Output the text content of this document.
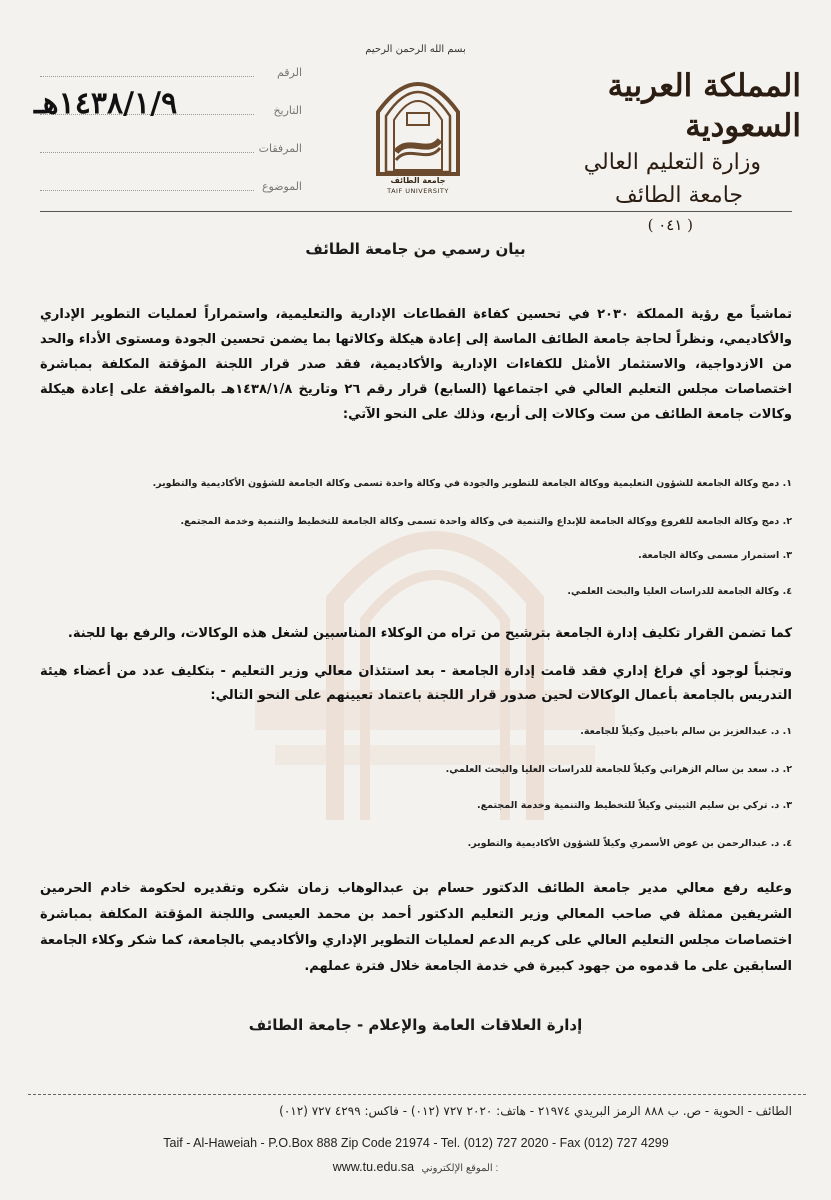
بسم الله الرحمن الرحيم
جامعة الطائف
TAIF UNIVERSITY
الرقم
التاريخ
المرفقات
الموضوع
١٤٣٨/١/٩هـ	المملكة العربية السعودية
وزارة التعليم العالي
جامعة الطائف
( ٠٤١ )
بيان رسمي من جامعة الطائف
تماشياً مع رؤية المملكة ٢٠٣٠ في تحسين كفاءة القطاعات الإدارية والتعليمية، واستمراراً لعمليات التطوير الإداري والأكاديمي، ونظراً لحاجة جامعة الطائف الماسة إلى إعادة هيكلة وكالاتها بما يضمن تحسين الجودة ومستوى الأداء والحد من الازدواجية، والاستثمار الأمثل للكفاءات الإدارية والأكاديمية، فقد صدر قرار اللجنة المؤقتة المكلفة بمباشرة اختصاصات مجلس التعليم العالي في اجتماعها (السابع) قرار رقم ٢٦ وتاريخ ١٤٣٨/١/٨هـ بالموافقة على إعادة هيكلة وكالات جامعة الطائف من ست وكالات إلى أربع، وذلك على النحو الآتي:
١. دمج وكالة الجامعة للشؤون التعليمية ووكالة الجامعة للتطوير والجودة في وكالة واحدة تسمى وكالة الجامعة للشؤون الأكاديمية والتطوير.
٢. دمج وكالة الجامعة للفروع ووكالة الجامعة للإبداع والتنمية في وكالة واحدة تسمى وكالة الجامعة للتخطيط والتنمية وخدمة المجتمع.
٣. استمرار مسمى وكالة الجامعة.
٤. وكالة الجامعة للدراسات العليا والبحث العلمي.
كما تضمن القرار تكليف إدارة الجامعة بترشيح من تراه من الوكلاء المناسبين لشغل هذه الوكالات، والرفع بها للجنة.
وتجنباً لوجود أي فراغ إداري فقد قامت إدارة الجامعة - بعد استئذان معالي وزير التعليم - بتكليف عدد من أعضاء هيئة التدريس بالجامعة بأعمال الوكالات لحين صدور قرار اللجنة باعتماد تعيينهم على النحو التالي:
١. د. عبدالعزيز بن سالم باحبيل وكيلاً للجامعة.
٢. د. سعد بن سالم الزهراني وكيلاً للجامعة للدراسات العليا والبحث العلمي.
٣. د. تركي بن سليم الثبيتي وكيلاً للتخطيط والتنمية وخدمة المجتمع.
٤. د. عبدالرحمن بن عوض الأسمري وكيلاً للشؤون الأكاديمية والتطوير.
وعليه رفع معالي مدير جامعة الطائف الدكتور حسام بن عبدالوهاب زمان شكره وتقديره لحكومة خادم الحرمين الشريفين ممثلة في صاحب المعالي وزير التعليم الدكتور أحمد بن محمد العيسى واللجنة المؤقتة المكلفة بمباشرة اختصاصات مجلس التعليم العالي على كريم الدعم لعمليات التطوير الإداري والأكاديمي بالجامعة، كما شكر وكلاء الجامعة السابقين على ما قدموه من جهود كبيرة في خدمة الجامعة خلال فترة عملهم.
إدارة العلاقات العامة والإعلام - جامعة الطائف
الطائف - الحوية - ص. ب ٨٨٨ الرمز البريدي ٢١٩٧٤ - هاتف: ٢٠٢٠ ٧٢٧ (٠١٢) - فاكس: ٤٢٩٩ ٧٢٧ (٠١٢)
Taif - Al-Haweiah - P.O.Box 888 Zip Code 21974 - Tel. (012) 727 2020 - Fax (012) 727 4299
www.tu.edu.sa الموقع الإلكتروني :
